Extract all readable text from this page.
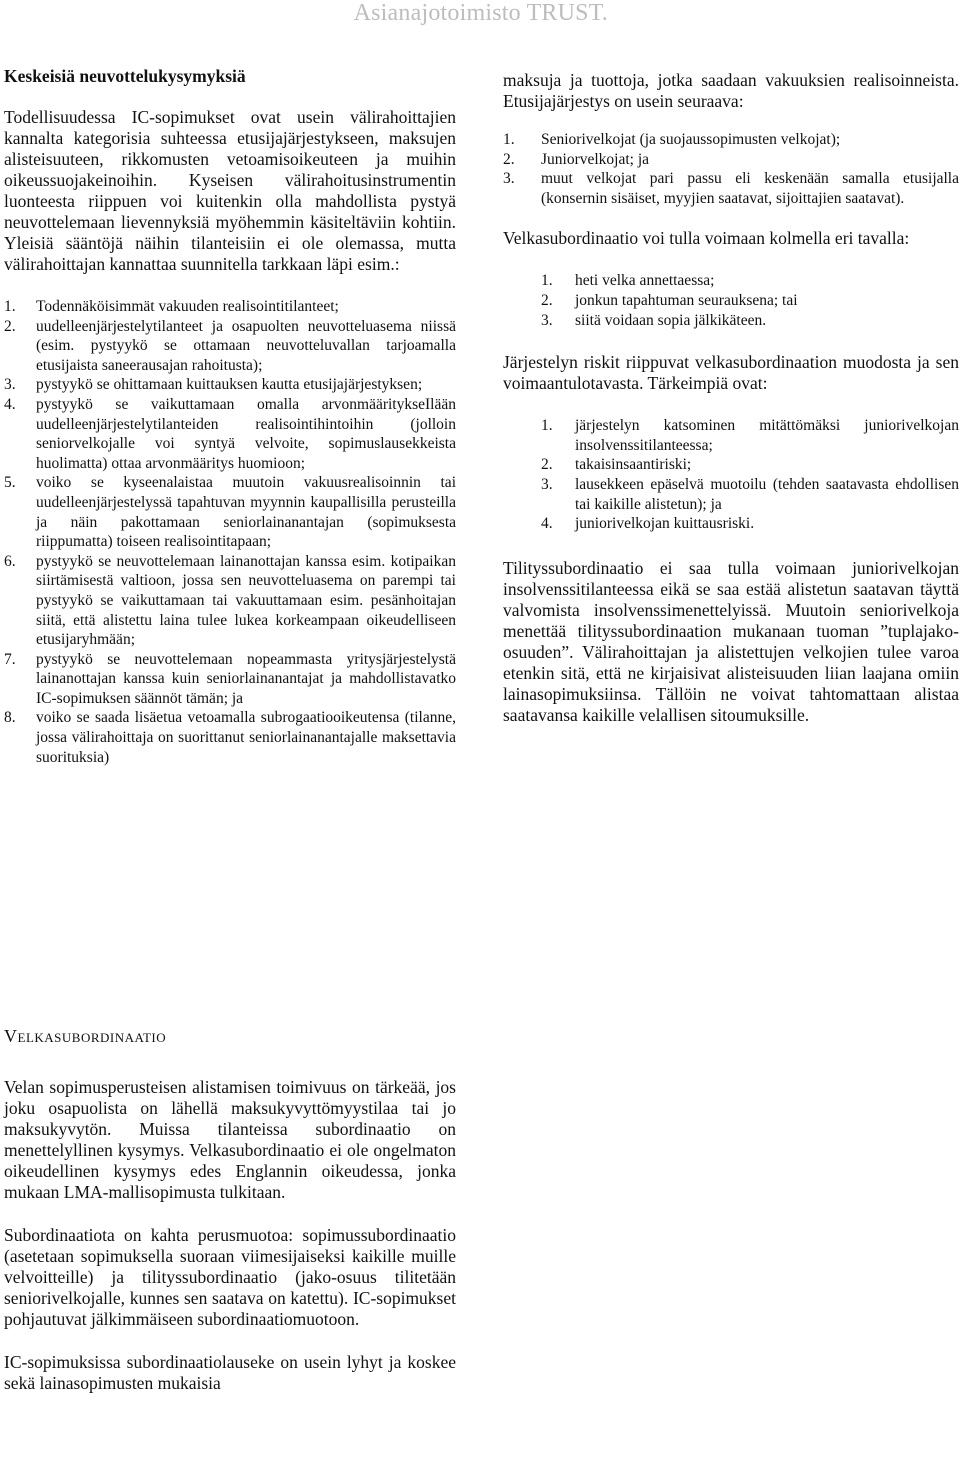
Asianajotoimisto TRUST.
Keskeisiä neuvottelukysymyksiä

Todellisuudessa IC-sopimukset ovat usein välirahoittajien kannalta kategorisia suhteessa etusijajärjestykseen, maksujen alisteisuuteen, rikkomusten vetoamisoikeuteen ja muihin oikeussuojakeinoihin. Kyseisen välirahoitusinstrumentin luonteesta riippuen voi kuitenkin olla mahdollista pystyä neuvottelemaan lievennyksiä myöhemmin käsiteltäviin kohtiin. Yleisiä sääntöjä näihin tilanteisiin ei ole olemassa, mutta välirahoittajan kannattaa suunnitella tarkkaan läpi esim.:

1. Todennäköisimmät vakuuden realisointitilanteet;
2. uudelleenjärjestelytilanteet ja osapuolten neuvotteluasema niissä (esim. pystyykö se ottamaan neuvotteluvallan tarjoamalla etusijaista saneerausajan rahoitusta);
3. pystyykö se ohittamaan kuittauksen kautta etusijajärjestyksen;
4. pystyykö se vaikuttamaan omalla arvonmääritykseIlään uudelleenjärjestelytilanteiden realisointihintoihin (jolloin seniorvelkojalle voi syntyä velvoite, sopimuslausekkeista huolimatta) ottaa arvonmääritys huomioon;
5. voiko se kyseenalaistaa muutoin vakuusrealisoinnin tai uudelleenjärjestelyssä tapahtuvan myynnin kaupallisilla perusteilla ja näin pakottamaan seniorlainanantajan (sopimuksesta riippumatta) toiseen realisointitapaan;
6. pystyykö se neuvottelemaan lainanottajan kanssa esim. kotipaikan siirtämisestä valtioon, jossa sen neuvotteluasema on parempi tai pystyykö se vaikuttamaan tai vakuuttamaan esim. pesänhoitajan siitä, että alistettu laina tulee lukea korkeampaan oikeudelliseen etusijaryhmään;
7. pystyykö se neuvottelemaan nopeammasta yritysjärjestelystä lainanottajan kanssa kuin seniorlainanantajat ja mahdollistavatko IC-sopimuksen säännöt tämän; ja
8. voiko se saada lisäetua vetoamalla subrogaatiooikeutensa (tilanne, jossa välirahoittaja on suorittanut seniorlainanantajalle maksettavia suorituksia)

maksuja ja tuottoja, jotka saadaan vakuuksien realisoinneista. Etusijajärjestys on usein seuraava:

1. Seniorivelkojat (ja suojaussopimusten velkojat);
2. Juniorvelkojat; ja
3. muut velkojat pari passu eli keskenään samalla etusijalla (konsernin sisäiset, myyjien saatavat, sijoittajien saatavat).

Velkasubordinaatio voi tulla voimaan kolmella eri tavalla:

1. heti velka annettaessa;
2. jonkun tapahtuman seurauksena; tai
3. siitä voidaan sopia jälkikäteen.

Järjestelyn riskit riippuvat velkasubordinaation muodosta ja sen voimaantulotavasta. Tärkeimpiä ovat:

1. järjestelyn katsominen mitättömäksi juniorivelkojan insolvenssitilanteessa;
2. takaisinsaantiriski;
3. lausekkeen epäselvä muotoilu (tehden saatavasta ehdollisen tai kaikille alistetun); ja
4. juniorivelkojan kuittausriski.

Tilityssubordinaatio ei saa tulla voimaan juniorivelkojan insolvenssitilanteessa eikä se saa estää alistetun saatavan täyttä valvomista insolvenssimenettelyissä. Muutoin seniorivelkoja menettää tilityssubordinaation mukanaan tuoman ”tuplajako-osuuden”. Välirahoittajan ja alistettujen velkojien tulee varoa etenkin sitä, että ne kirjaisivat alisteisuuden liian laajana omiin lainasopimuksiinsa. Tällöin ne voivat tahtomattaan alistaa saatavansa kaikille velallisen sitoumuksille.

Velkasubordinaatio

Velan sopimusperusteisen alistamisen toimivuus on tärkeää, jos joku osapuolista on lähellä maksukyvyttömyystilaa tai jo maksukyvytön. Muissa tilanteissa subordinaatio on menettelyllinen kysymys. Velkasubordinaatio ei ole ongelmaton oikeudellinen kysymys edes Englannin oikeudessa, jonka mukaan LMA-mallisopimusta tulkitaan.

Subordinaatiota on kahta perusmuotoa: sopimussubordinaatio (asetetaan sopimuksella suoraan viimesijaiseksi kaikille muille velvoitteille) ja tilityssubordinaatio (jako-osuus tilitetään seniorivelkojalle, kunnes sen saatava on katettu). IC-sopimukset pohjautuvat jälkimmäiseen subordinaatiomuotoon.

IC-sopimuksissa subordinaatiolauseke on usein lyhyt ja koskee sekä lainasopimusten mukaisia
